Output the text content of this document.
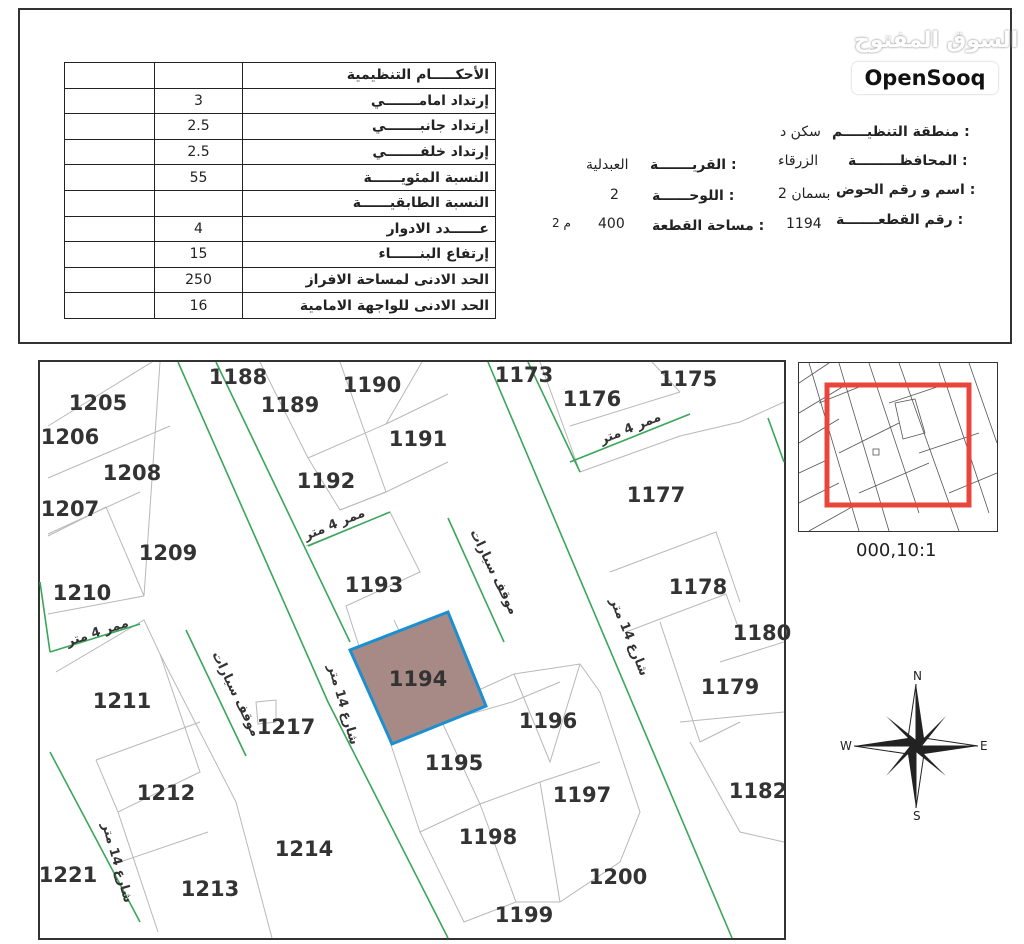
السوق المفتوح
OpenSooq
		الأحكـــــام التنظيمية
	3	إرتداد امامـــــــي
	2.5	إرتداد جانبـــــــي
	2.5	إرتداد خلفـــــــي
	55	النسبة المئويــــــة
		النسبة الطابقيــــــة
	4	عــــــدد الادوار
	15	إرتفاع البنــــــاء
	250	الحد الادنى لمساحة الافراز
	16	الحد الادنى للواجهة الامامية
منطقة التنظيـــــم :
سكن د
المحافظـــــــــة :
الزرقاء
القريـــــــة :
العبدلية
اسم و رقم الحوض :
بسمان 2
اللوحــــــة :
2
رقم القطعـــــــة :
1194
مساحة القطعة :
400
م 2
1205
1206
1208
1207
1209
1210
1211
1212
1214
1213
1221
1217
1188
1189
1190
1191
1192
1193
1194
1195
1196
1197
1198
1199
1200
1173
1176
1175
1177
1178
1180
1179
1182
شارع 14 متر
شارع 14 متر
شارع 14 متر
ممر 4 متر
ممر 4 متر
ممر 4 متر
موقف سيارات
موقف سيارات	N
S
E
W
000,10:1
